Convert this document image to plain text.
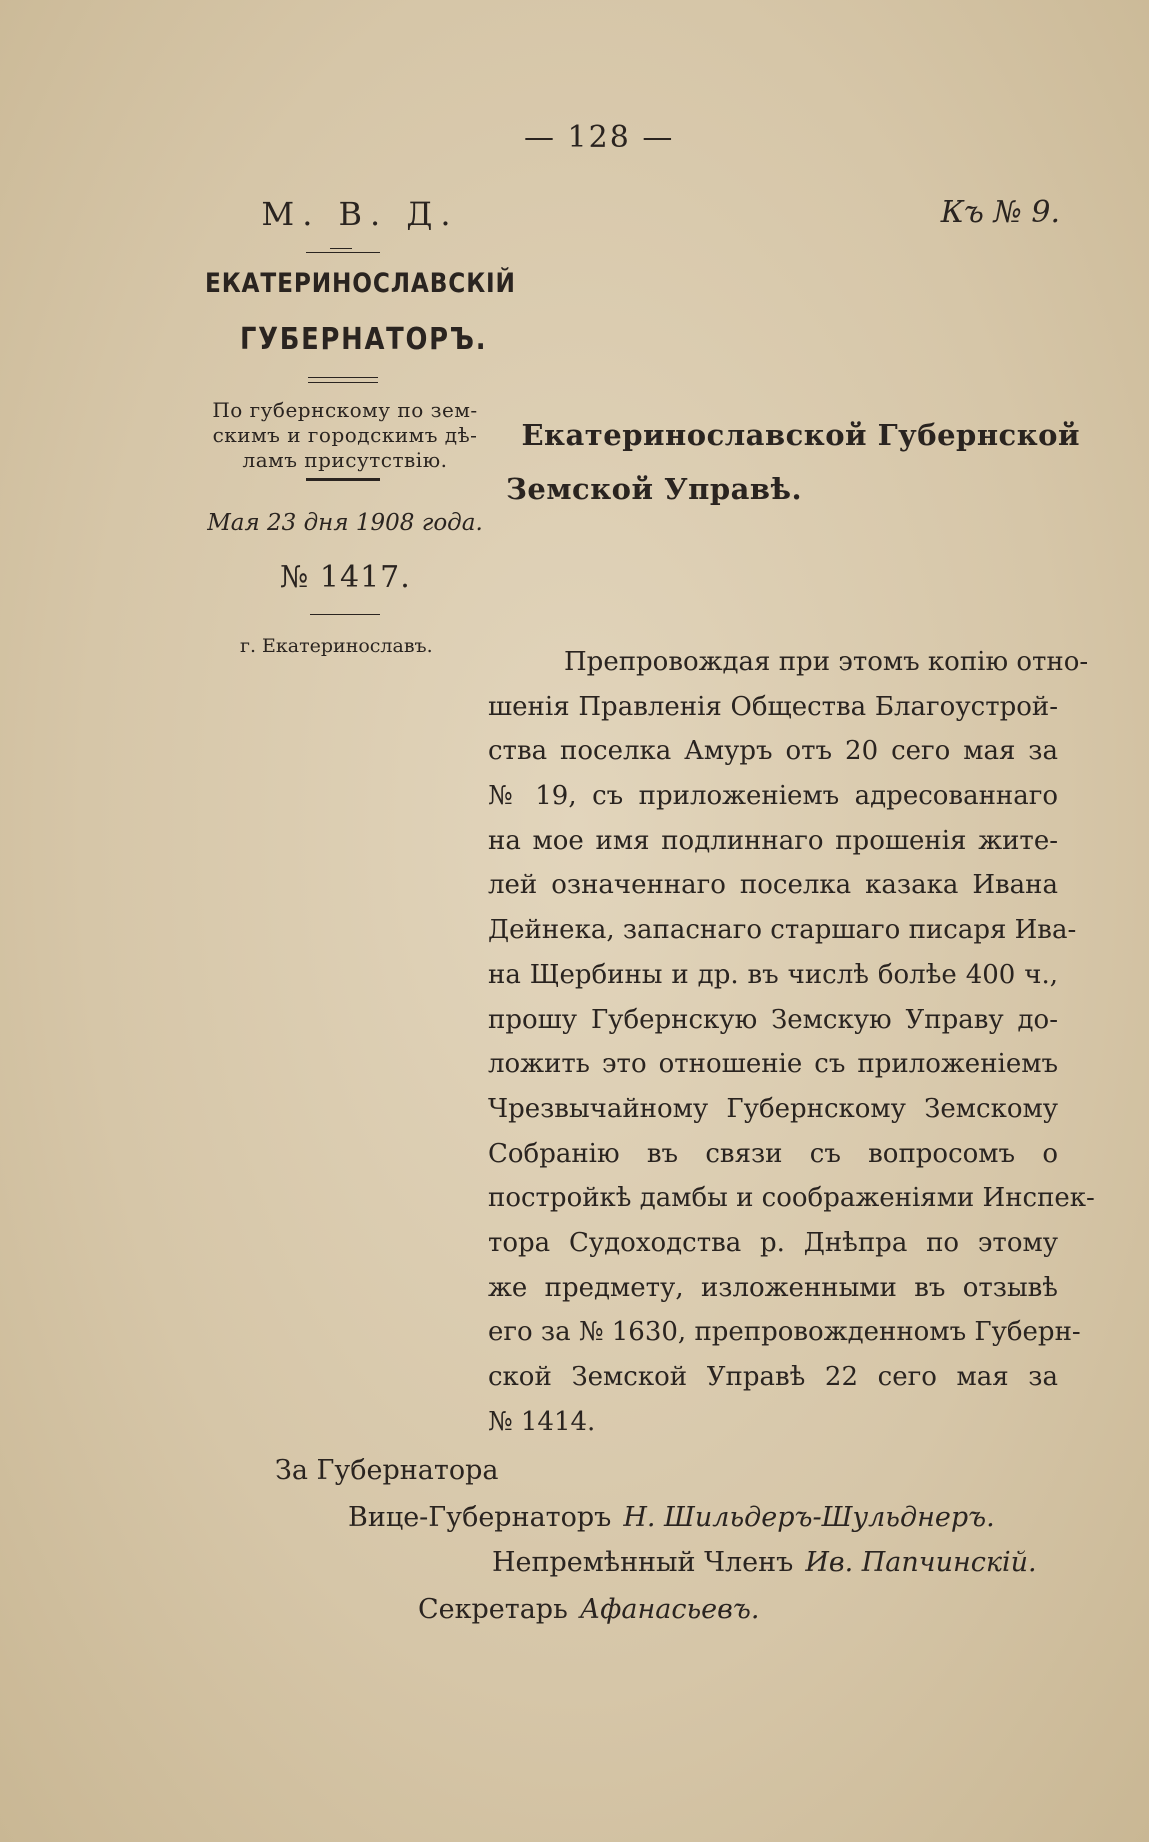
— 128 —
М. В. Д.	Къ № 9.
ЕКАТЕРИНОСЛАВСКІЙ
ГУБЕРНАТОРЪ.
По губернскому по зем-
скимъ и городскимъ дѣ-
ламъ присутствію.
Мая 23 дня 1908 года.
№ 1417.
г. Екатеринославъ.
Екатеринославской Губернской
Земской Управѣ.
Препровождая при этомъ копію отно-
шенія Правленія Общества Благоустрой-
ства поселка Амуръ отъ 20 сего мая за
№ 19, съ приложеніемъ адресованнаго
на мое имя подлиннаго прошенія жите-
лей означеннаго поселка казака Ивана
Дейнека, запаснаго старшаго писаря Ива-
на Щербины и др. въ числѣ болѣе 400 ч.,
прошу Губернскую Земскую Управу до-
ложить это отношеніе съ приложеніемъ
Чрезвычайному Губернскому Земскому
Собранію въ связи съ вопросомъ о
постройкѣ дамбы и соображеніями Инспек-
тора Судоходства р. Днѣпра по этому
же предмету, изложенными въ отзывѣ
его за № 1630, препровожденномъ Губерн-
ской Земской Управѣ 22 сего мая за
№ 1414.
За Губернатора
Вице-Губернаторъ Н. Шильдеръ-Шульднеръ.
Непремѣнный Членъ Ив. Папчинскій.
Секретарь Афанасьевъ.
